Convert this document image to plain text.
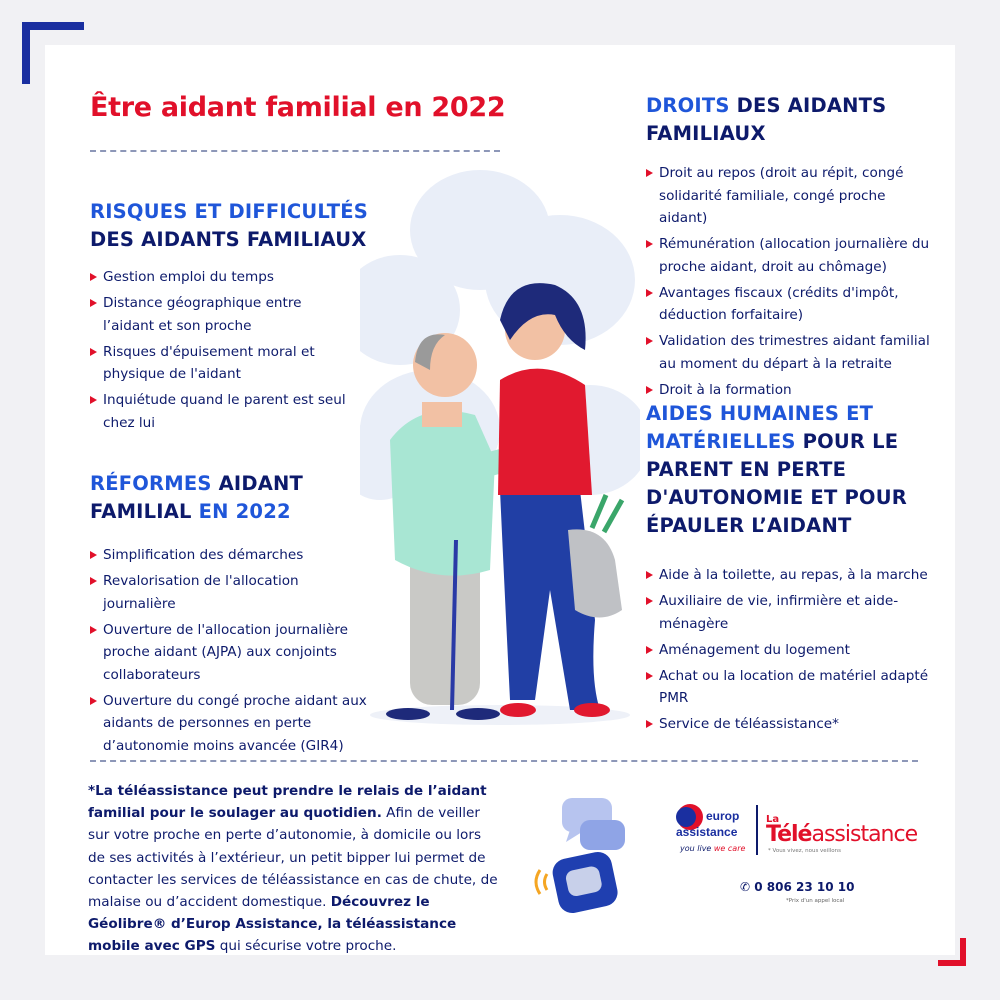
Être aidant familial en 2022
RISQUES ET DIFFICULTÉS
DES AIDANTS FAMILIAUX
Gestion emploi du temps
Distance géographique entre l’aidant et son proche
Risques d'épuisement moral et physique de l'aidant
Inquiétude quand le parent est seul chez lui
RÉFORMES AIDANT
FAMILIAL EN 2022
Simplification des démarches
Revalorisation de l'allocation journalière
Ouverture de l'allocation journalière proche aidant (AJPA) aux conjoints collaborateurs
Ouverture du congé proche aidant aux aidants de personnes en perte d’autonomie moins avancée (GIR4)
DROITS DES AIDANTS
FAMILIAUX
Droit au repos (droit au répit, congé solidarité familiale, congé proche aidant)
Rémunération (allocation journalière du proche aidant, droit au chômage)
Avantages fiscaux (crédits d'impôt, déduction forfaitaire)
Validation des trimestres aidant familial au moment du départ à la retraite
Droit à la formation
AIDES HUMAINES ET
MATÉRIELLES POUR LE
PARENT EN PERTE
D'AUTONOMIE ET POUR
ÉPAULER L’AIDANT
Aide à la toilette, au repas, à la marche
Auxiliaire de vie, infirmière et aide-ménagère
Aménagement du logement
Achat ou la location de matériel adapté PMR
Service de téléassistance*

*La téléassistance peut prendre le relais de l’aidant familial pour le soulager au quotidien. Afin de veiller sur votre proche en perte d’autonomie, à domicile ou lors de ses activités à l’extérieur, un petit bipper lui permet de contacter les services de téléassistance en cas de chute, de malaise ou d’accident domestique. Découvrez le Géolibre® d’Europ Assistance, la téléassistance mobile avec GPS qui sécurise votre proche.

europ
assistance
you live we care
La
Téléassistance
* Vous vivez, nous veillons
✆ 0 806 23 10 10
*Prix d'un appel local
